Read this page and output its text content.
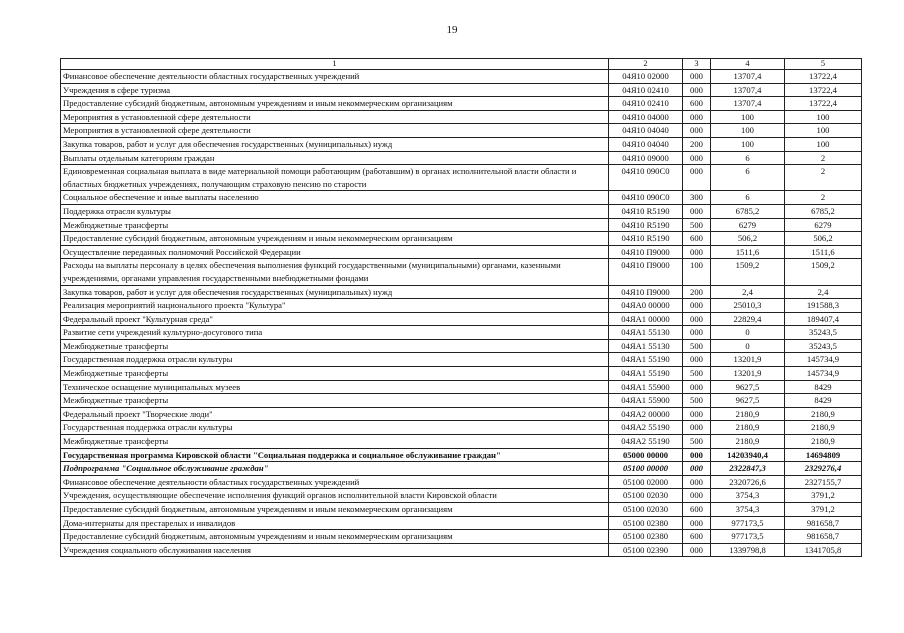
19
1	2	3	4	5
Финансовое обеспечение деятельности областных государственных учреждений	04Я10 02000	000	13707,4	13722,4
Учреждения в сфере туризма	04Я10 02410	000	13707,4	13722,4
Предоставление субсидий бюджетным, автономным учреждениям и иным некоммерческим организациям	04Я10 02410	600	13707,4	13722,4
Мероприятия в установленной сфере деятельности	04Я10 04000	000	100	100
Мероприятия в установленной сфере деятельности	04Я10 04040	000	100	100
Закупка товаров, работ и услуг для обеспечения государственных (муниципальных) нужд	04Я10 04040	200	100	100
Выплаты отдельным категориям граждан	04Я10 09000	000	6	2
Единовременная социальная выплата в виде материальной помощи работающим (работавшим) в органах исполнительной власти области и областных бюджетных учреждениях, получающим страховую пенсию по старости	04Я10 090С0	000	6	2
Социальное обеспечение и иные выплаты населению	04Я10 090С0	300	6	2
Поддержка отрасли культуры	04Я10 R5190	000	6785,2	6785,2
Межбюджетные трансферты	04Я10 R5190	500	6279	6279
Предоставление субсидий бюджетным, автономным учреждениям и иным некоммерческим организациям	04Я10 R5190	600	506,2	506,2
Осуществление переданных полномочий Российской Федерации	04Я10 П9000	000	1511,6	1511,6
Расходы на выплаты персоналу в целях обеспечения выполнения функций государственными (муниципальными) органами, казенными учреждениями, органами управления государственными внебюджетными фондами	04Я10 П9000	100	1509,2	1509,2
Закупка товаров, работ и услуг для обеспечения государственных (муниципальных) нужд	04Я10 П9000	200	2,4	2,4
Реализация мероприятий национального проекта "Культура"	04ЯА0 00000	000	25010,3	191588,3
Федеральный проект "Культурная среда"	04ЯА1 00000	000	22829,4	189407,4
Развитие сети учреждений культурно-досугового типа	04ЯА1 55130	000	0	35243,5
Межбюджетные трансферты	04ЯА1 55130	500	0	35243,5
Государственная поддержка отрасли культуры	04ЯА1 55190	000	13201,9	145734,9
Межбюджетные трансферты	04ЯА1 55190	500	13201,9	145734,9
Техническое оснащение муниципальных музеев	04ЯА1 55900	000	9627,5	8429
Межбюджетные трансферты	04ЯА1 55900	500	9627,5	8429
Федеральный проект "Творческие люди"	04ЯА2 00000	000	2180,9	2180,9
Государственная поддержка отрасли культуры	04ЯА2 55190	000	2180,9	2180,9
Межбюджетные трансферты	04ЯА2 55190	500	2180,9	2180,9
Государственная программа Кировской области "Социальная поддержка и социальное обслуживание граждан"	05000 00000	000	14203940,4	14694809
Подпрограмма "Социальное обслуживание граждан"	05100 00000	000	2322847,3	2329276,4
Финансовое обеспечение деятельности областных государственных учреждений	05100 02000	000	2320726,6	2327155,7
Учреждения, осуществляющие обеспечение исполнения функций органов исполнительной власти Кировской области	05100 02030	000	3754,3	3791,2
Предоставление субсидий бюджетным, автономным учреждениям и иным некоммерческим организациям	05100 02030	600	3754,3	3791,2
Дома-интернаты для престарелых и инвалидов	05100 02380	000	977173,5	981658,7
Предоставление субсидий бюджетным, автономным учреждениям и иным некоммерческим организациям	05100 02380	600	977173,5	981658,7
Учреждения социального обслуживания населения	05100 02390	000	1339798,8	1341705,8
